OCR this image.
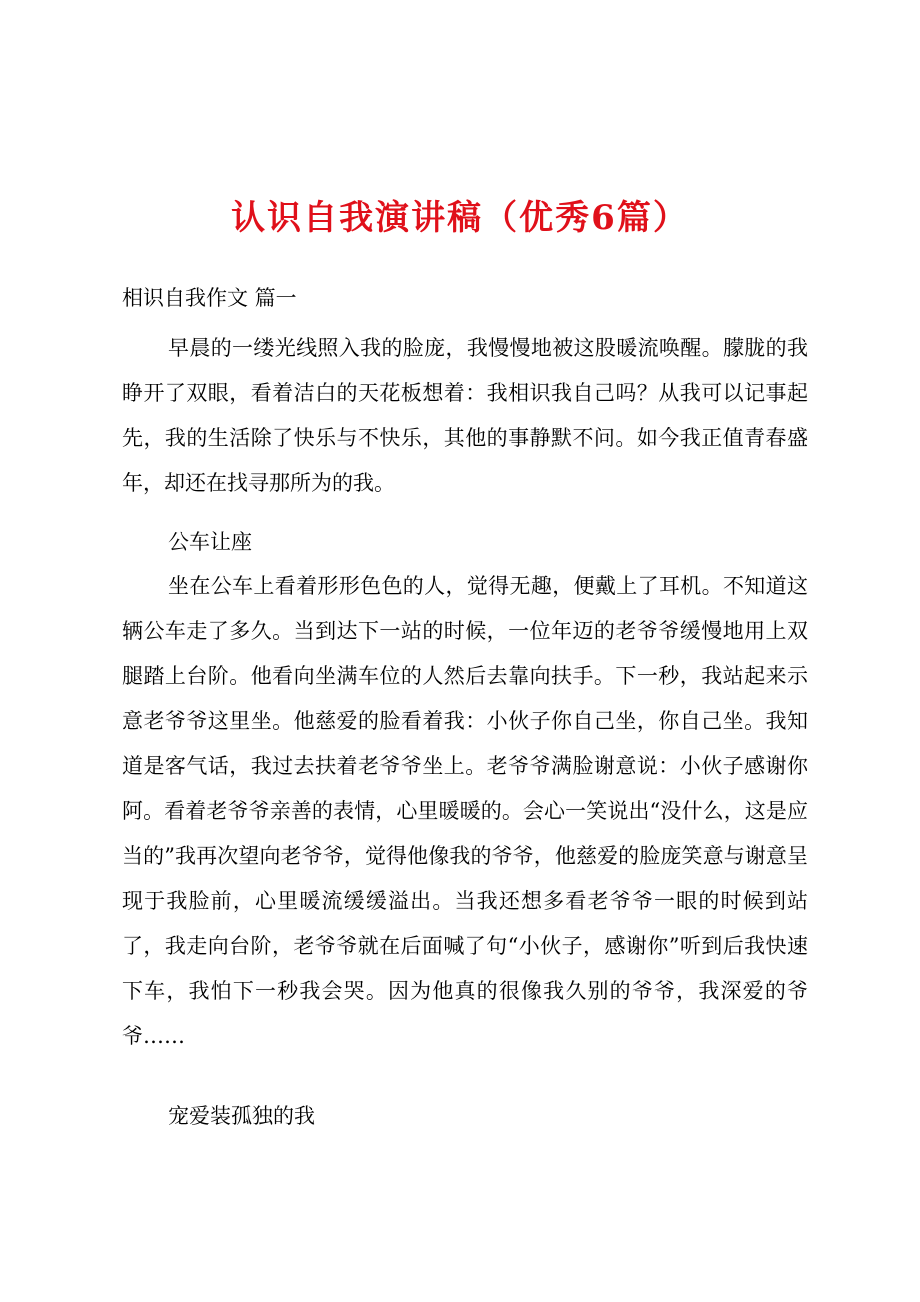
认识自我演讲稿（优秀6篇）

相识自我作文 篇一

早晨的一缕光线照入我的脸庞，我慢慢地被这股暖流唤醒。朦胧的我睁开了双眼，看着洁白的天花板想着：我相识我自己吗？从我可以记事起先，我的生活除了快乐与不快乐，其他的事静默不问。如今我正值青春盛年，却还在找寻那所为的我。

公车让座

坐在公车上看着形形色色的人，觉得无趣，便戴上了耳机。不知道这辆公车走了多久。当到达下一站的时候，一位年迈的老爷爷缓慢地用上双腿踏上台阶。他看向坐满车位的人然后去靠向扶手。下一秒，我站起来示意老爷爷这里坐。他慈爱的脸看着我：小伙子你自己坐，你自己坐。我知道是客气话，我过去扶着老爷爷坐上。老爷爷满脸谢意说：小伙子感谢你阿。看着老爷爷亲善的表情，心里暖暖的。会心一笑说出“没什么，这是应当的”我再次望向老爷爷，觉得他像我的爷爷，他慈爱的脸庞笑意与谢意呈现于我脸前，心里暖流缓缓溢出。当我还想多看老爷爷一眼的时候到站了，我走向台阶，老爷爷就在后面喊了句“小伙子，感谢你”听到后我快速下车，我怕下一秒我会哭。因为他真的很像我久别的爷爷，我深爱的爷爷……

宠爱装孤独的我
